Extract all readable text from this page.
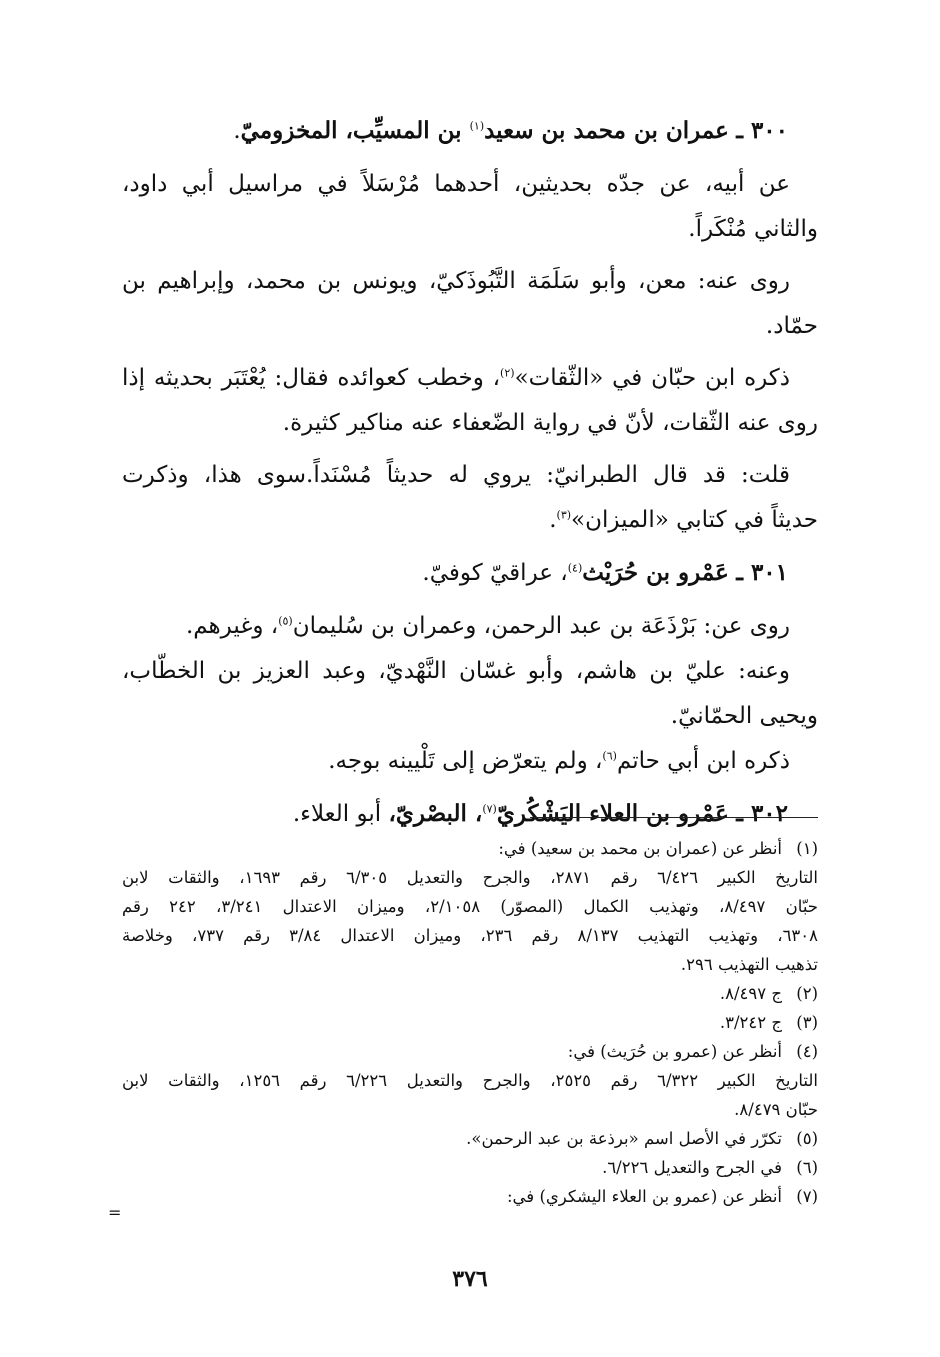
٣٠٠ ـ عمران بن محمد بن سعيد$^{(١)}$ بن المسيِّب، المخزوميّ.
عن أبيه، عن جدّه بحديثين، أحدهما مُرْسَلاً في مراسيل أبي داود،
والثاني مُنْكَراً.
روى عنه: معن، وأبو سَلَمَة التَّبُوذَكيّ، ويونس بن محمد، وإبراهيم بن
حمّاد.
ذكره ابن حبّان في «الثّقات»$^{(٢)}$، وخطب كعوائده فقال: يُعْتَبَر بحديثه إذا
روى عنه الثّقات، لأنّ في رواية الضّعفاء عنه مناكير كثيرة.
قلت: قد قال الطبرانيّ: يروي له حديثاً مُسْنَداً.سوى هذا، وذكرت
حديثاً في كتابي «الميزان»$^{(٣)}$.
٣٠١ ـ عَمْرو بن حُرَيْث$^{(٤)}$، عراقيّ كوفيّ.
روى عن: بَرْذَعَة بن عبد الرحمن، وعمران بن سُليمان$^{(٥)}$، وغيرهم.
وعنه: عليّ بن هاشم، وأبو غسّان النَّهْديّ، وعبد العزيز بن الخطّاب،
ويحيى الحمّانيّ.
ذكره ابن أبي حاتم$^{(٦)}$، ولم يتعرّض إلى تَلْيينه بوجه.
٣٠٢ ـ عَمْرو بن العلاء اليَشْكُريّ$^{(٧)}$، البصْريّ، أبو العلاء.
(١)
أنظر عن (عمران بن محمد بن سعيد) في:
التاريخ الكبير ٦/٤٢٦ رقم ٢٨٧١، والجرح والتعديل ٦/٣٠٥ رقم ١٦٩٣، والثقات لابن
حبّان ٨/٤٩٧، وتهذيب الكمال (المصوّر) ٢/١٠٥٨، وميزان الاعتدال ٣/٢٤١، ٢٤٢ رقم
٦٣٠٨، وتهذيب التهذيب ٨/١٣٧ رقم ٢٣٦، وميزان الاعتدال ٣/٨٤ رقم ٧٣٧، وخلاصة
تذهيب التهذيب ٢٩٦.
(٢)
ج ٨/٤٩٧.
(٣)
ج ٣/٢٤٢.
(٤)
أنظر عن (عمرو بن حُرَيث) في:
التاريخ الكبير ٦/٣٢٢ رقم ٢٥٢٥، والجرح والتعديل ٦/٢٢٦ رقم ١٢٥٦، والثقات لابن
حبّان ٨/٤٧٩.
(٥)
تكرّر في الأصل اسم «برذعة بن عبد الرحمن».
(٦)
في الجرح والتعديل ٦/٢٢٦.
(٧)
أنظر عن (عمرو بن العلاء اليشكري) في:
=
٣٧٦
